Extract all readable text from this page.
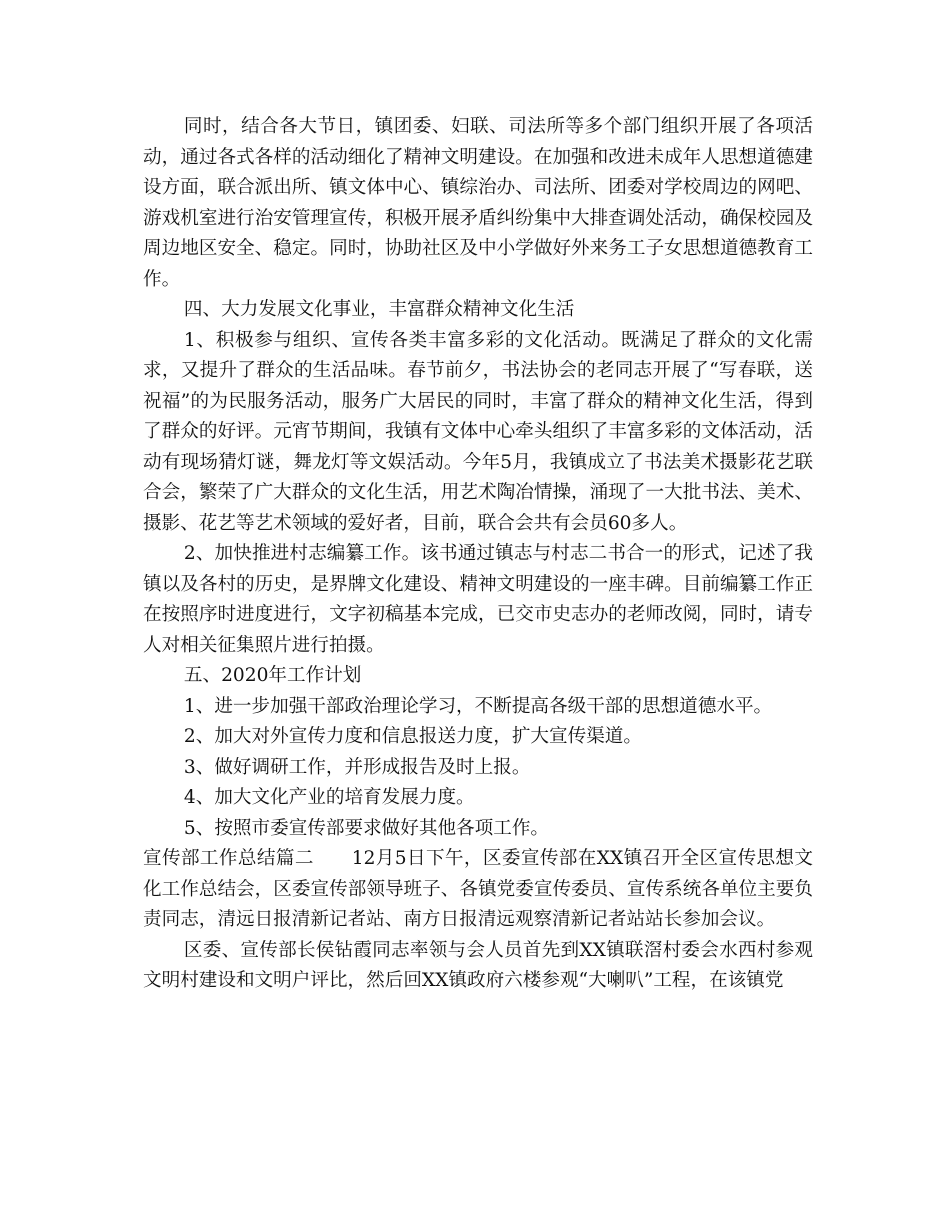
同时，结合各大节日，镇团委、妇联、司法所等多个部门组织开展了各项活动，通过各式各样的活动细化了精神文明建设。在加强和改进未成年人思想道德建设方面，联合派出所、镇文体中心、镇综治办、司法所、团委对学校周边的网吧、游戏机室进行治安管理宣传，积极开展矛盾纠纷集中大排查调处活动，确保校园及周边地区安全、稳定。同时，协助社区及中小学做好外来务工子女思想道德教育工作。

四、大力发展文化事业，丰富群众精神文化生活

1、积极参与组织、宣传各类丰富多彩的文化活动。既满足了群众的文化需求，又提升了群众的生活品味。春节前夕，书法协会的老同志开展了“写春联，送祝福”的为民服务活动，服务广大居民的同时，丰富了群众的精神文化生活，得到了群众的好评。元宵节期间，我镇有文体中心牵头组织了丰富多彩的文体活动，活动有现场猜灯谜，舞龙灯等文娱活动。今年5月，我镇成立了书法美术摄影花艺联合会，繁荣了广大群众的文化生活，用艺术陶冶情操，涌现了一大批书法、美术、摄影、花艺等艺术领域的爱好者，目前，联合会共有会员60多人。

2、加快推进村志编纂工作。该书通过镇志与村志二书合一的形式，记述了我镇以及各村的历史，是界牌文化建设、精神文明建设的一座丰碑。目前编纂工作正在按照序时进度进行，文字初稿基本完成，已交市史志办的老师改阅，同时，请专人对相关征集照片进行拍摄。

五、2020年工作计划

1、进一步加强干部政治理论学习，不断提高各级干部的思想道德水平。

2、加大对外宣传力度和信息报送力度，扩大宣传渠道。

3、做好调研工作，并形成报告及时上报。

4、加大文化产业的培育发展力度。

5、按照市委宣传部要求做好其他各项工作。

宣传部工作总结篇二　　12月5日下午，区委宣传部在XX镇召开全区宣传思想文化工作总结会，区委宣传部领导班子、各镇党委宣传委员、宣传系统各单位主要负责同志，清远日报清新记者站、南方日报清远观察清新记者站站长参加会议。

区委、宣传部长侯钻霞同志率领与会人员首先到XX镇联滘村委会水西村参观文明村建设和文明户评比，然后回XX镇政府六楼参观“大喇叭”工程，在该镇党
